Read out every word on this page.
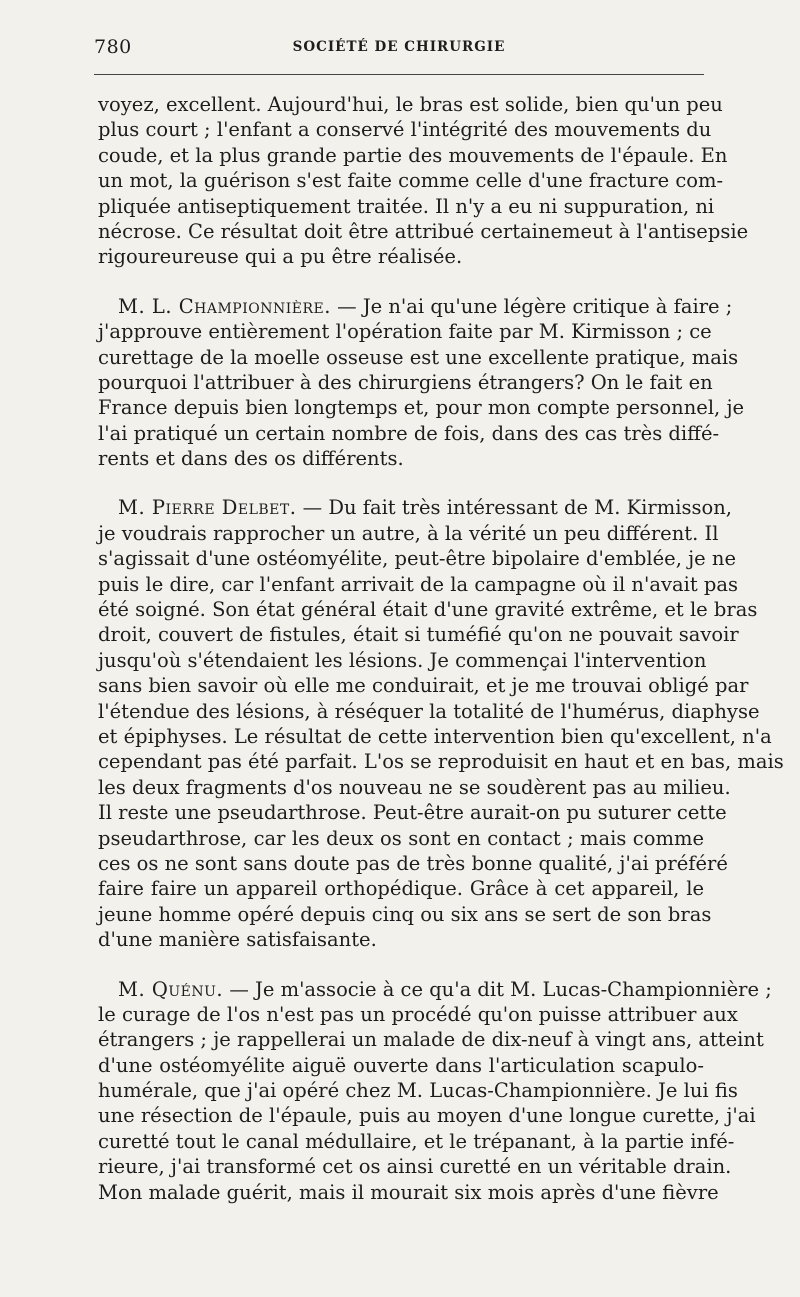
780	SOCIÉTÉ DE CHIRURGIE
voyez, excellent. Aujourd'hui, le bras est solide, bien qu'un peu
plus court ; l'enfant a conservé l'intégrité des mouvements du
coude, et la plus grande partie des mouvements de l'épaule. En
un mot, la guérison s'est faite comme celle d'une fracture com-
pliquée antiseptiquement traitée. Il n'y a eu ni suppuration, ni
nécrose. Ce résultat doit être attribué certainemeut à l'antisepsie
rigoureureuse qui a pu être réalisée.
M. L. Championnière. — Je n'ai qu'une légère critique à faire ;
j'approuve entièrement l'opération faite par M. Kirmisson ; ce
curettage de la moelle osseuse est une excellente pratique, mais
pourquoi l'attribuer à des chirurgiens étrangers? On le fait en
France depuis bien longtemps et, pour mon compte personnel, je
l'ai pratiqué un certain nombre de fois, dans des cas très diffé-
rents et dans des os différents.
M. Pierre Delbet. — Du fait très intéressant de M. Kirmisson,
je voudrais rapprocher un autre, à la vérité un peu différent. Il
s'agissait d'une ostéomyélite, peut-être bipolaire d'emblée, je ne
puis le dire, car l'enfant arrivait de la campagne où il n'avait pas
été soigné. Son état général était d'une gravité extrême, et le bras
droit, couvert de fistules, était si tuméfié qu'on ne pouvait savoir
jusqu'où s'étendaient les lésions. Je commençai l'intervention
sans bien savoir où elle me conduirait, et je me trouvai obligé par
l'étendue des lésions, à réséquer la totalité de l'humérus, diaphyse
et épiphyses. Le résultat de cette intervention bien qu'excellent, n'a
cependant pas été parfait. L'os se reproduisit en haut et en bas, mais
les deux fragments d'os nouveau ne se soudèrent pas au milieu.
Il reste une pseudarthrose. Peut-être aurait-on pu suturer cette
pseudarthrose, car les deux os sont en contact ; mais comme
ces os ne sont sans doute pas de très bonne qualité, j'ai préféré
faire faire un appareil orthopédique. Grâce à cet appareil, le
jeune homme opéré depuis cinq ou six ans se sert de son bras
d'une manière satisfaisante.
M. Quénu. — Je m'associe à ce qu'a dit M. Lucas-Championnière ;
le curage de l'os n'est pas un procédé qu'on puisse attribuer aux
étrangers ; je rappellerai un malade de dix-neuf à vingt ans, atteint
d'une ostéomyélite aiguë ouverte dans l'articulation scapulo-
humérale, que j'ai opéré chez M. Lucas-Championnière. Je lui fis
une résection de l'épaule, puis au moyen d'une longue curette, j'ai
curetté tout le canal médullaire, et le trépanant, à la partie infé-
rieure, j'ai transformé cet os ainsi curetté en un véritable drain.
Mon malade guérit, mais il mourait six mois après d'une fièvre
